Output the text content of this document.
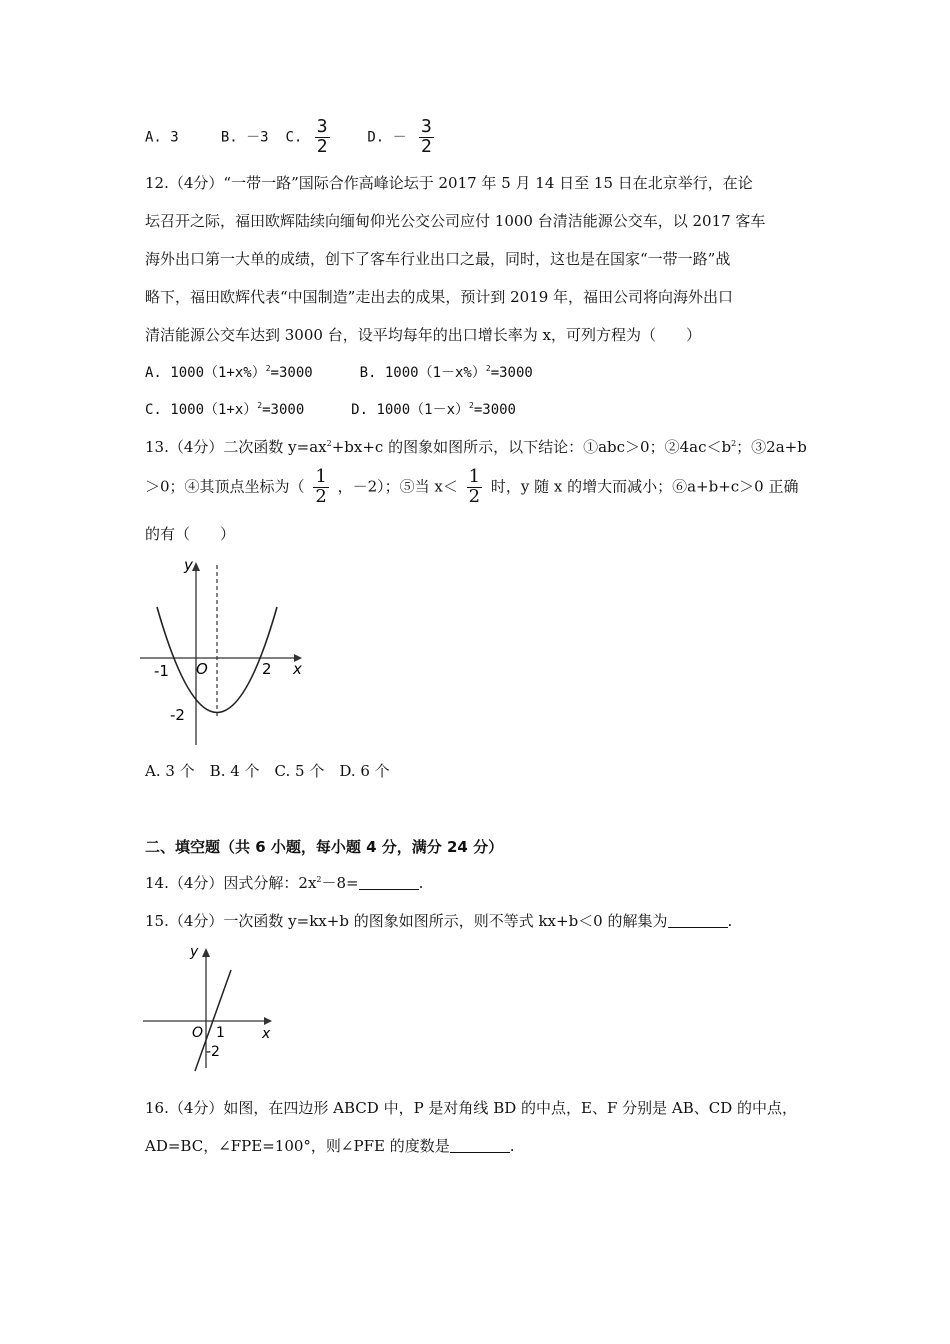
A. 3	B. －3 C. $\frac{3}{2}$	D. － $\frac{3}{2}$
12.（4分）“一带一路”国际合作高峰论坛于 2017 年 5 月 14 日至 15 日在北京举行，在论
坛召开之际，福田欧辉陆续向缅甸仰光公交公司应付 1000 台清洁能源公交车，以 2017 客车
海外出口第一大单的成绩，创下了客车行业出口之最，同时，这也是在国家“一带一路”战
略下，福田欧辉代表“中国制造”走出去的成果，预计到 2019 年，福田公司将向海外出口
清洁能源公交车达到 3000 台，设平均每年的出口增长率为 x，可列方程为（　　）
A. $1000(1+x\%)^2=3000$	B. $1000(1-x\%)^2=3000$
C. $1000(1+x)^2=3000$	D. $1000(1-x)^2=3000$
13.（4分）二次函数 $y=ax^2+bx+c$ 的图象如图所示，以下结论：①abc＞0；$②4ac<b^2$；③2a+b
＞0；④其顶点坐标为（ $\frac{1}{2}$ ，－2）；⑤当 $x< \frac{1}{2}$ 时，y 随 x 的增大而减小；⑥a+b+c＞0 正确
的有（　　）
y
x
O
-1	2
-2
A. 3 个　B. 4 个　C. 5 个　D. 6 个
二、填空题（共 6 小题，每小题 4 分，满分 24 分）
14.（4分）因式分解：$2x^2-8=$	.
15.（4分）一次函数 y=kx+b 的图象如图所示，则不等式 kx+b＜0 的解集为	.
y
x
O 1
-2
16.（4分）如图，在四边形 ABCD 中，P 是对角线 BD 的中点，E、F 分别是 AB、CD 的中点，
AD=BC，∠FPE=100°，则∠PFE 的度数是	.
